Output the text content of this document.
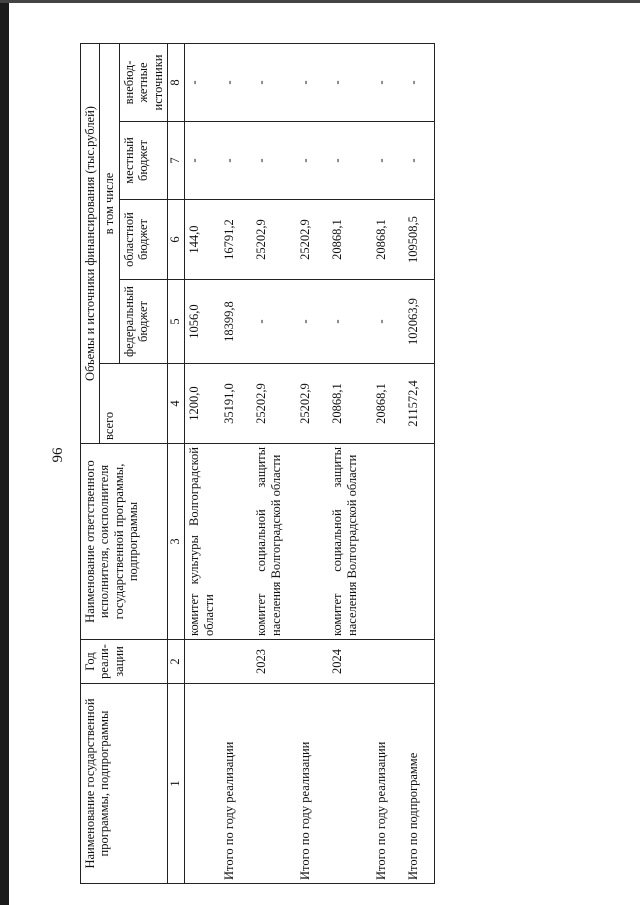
96
Наименование государственной программы, подпрограммы	Год реали-зации	Наименование ответственного исполнителя, соисполнителя государственной программы, подпрограммы	Объемы и источники финансирования (тыс.рублей)				
			всего	в том числе			
				федеральный бюджет	областной бюджет	местный бюджет	внебюд-жетные источники
1	2	3	4	5	6	7	8
		комитет культуры Волгоградской области	1200,0	1056,0	144,0	-	-
Итого по году реализации			35191,0	18399,8	16791,2	-	-
	2023	комитет социальной защиты населения Волгоградской области	25202,9	-	25202,9	-	-
Итого по году реализации			25202,9	-	25202,9	-	-
	2024	комитет социальной защиты населения Волгоградской области	20868,1	-	20868,1	-	-
Итого по году реализации			20868,1	-	20868,1	-	-
Итого по подпрограмме			211572,4	102063,9	109508,5	-	-
